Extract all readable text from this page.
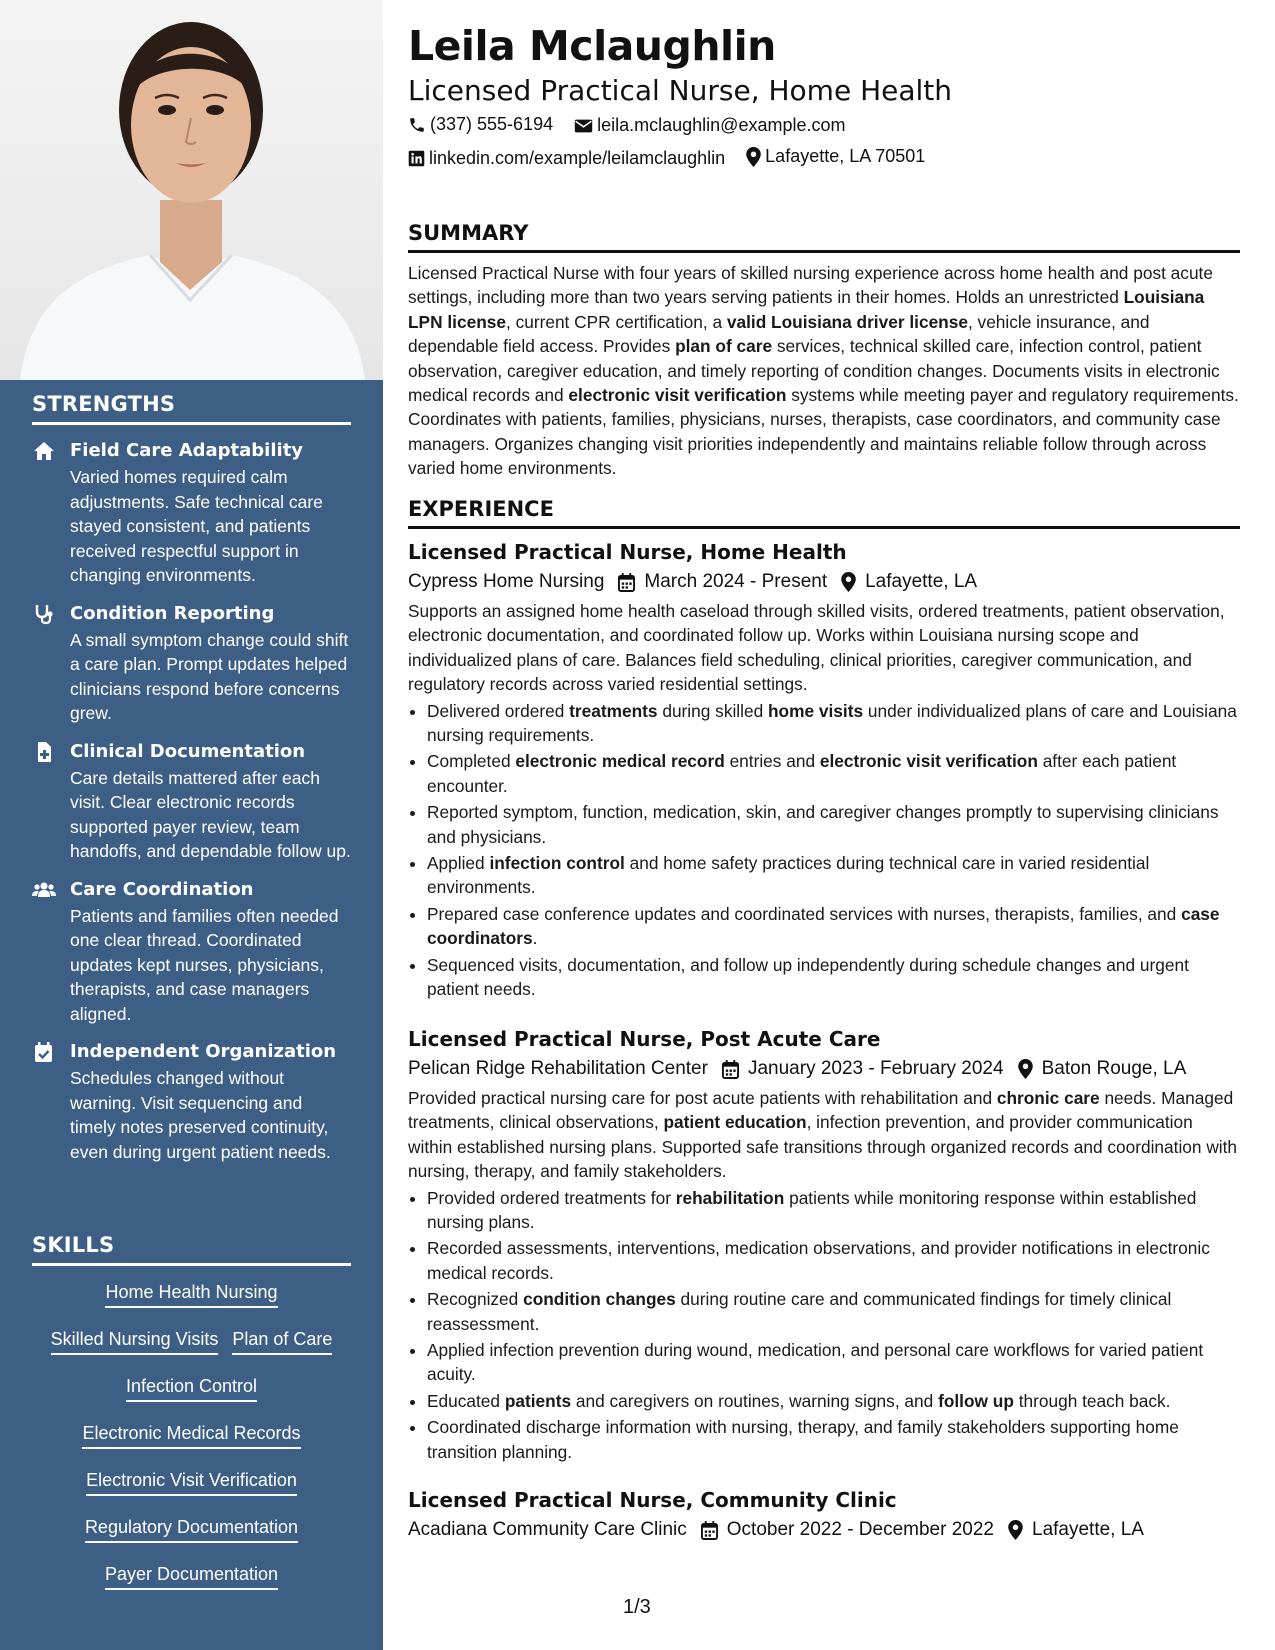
STRENGTHS
Field Care Adaptability
Varied homes required calm adjustments. Safe technical care stayed consistent, and patients received respectful support in changing environments.
Condition Reporting
A small symptom change could shift a care plan. Prompt updates helped clinicians respond before concerns grew.
Clinical Documentation
Care details mattered after each visit. Clear electronic records supported payer review, team handoffs, and dependable follow up.
Care Coordination
Patients and families often needed one clear thread. Coordinated updates kept nurses, physicians, therapists, and case managers aligned.
Independent Organization
Schedules changed without warning. Visit sequencing and timely notes preserved continuity, even during urgent patient needs.
SKILLS
Home Health Nursing
Skilled Nursing Visits Plan of Care
Infection Control
Electronic Medical Records
Electronic Visit Verification
Regulatory Documentation
Payer Documentation
Leila Mclaughlin
Licensed Practical Nurse, Home Health
(337) 555-6194
leila.mclaughlin@example.com
linkedin.com/example/leilamclaughlin
Lafayette, LA 70501
SUMMARY

Licensed Practical Nurse with four years of skilled nursing experience across home health and post acute settings, including more than two years serving patients in their homes. Holds an unrestricted Louisiana LPN license, current CPR certification, a valid Louisiana driver license, vehicle insurance, and dependable field access. Provides plan of care services, technical skilled care, infection control, patient observation, caregiver education, and timely reporting of condition changes. Documents visits in electronic medical records and electronic visit verification systems while meeting payer and regulatory requirements. Coordinates with patients, families, physicians, nurses, therapists, case coordinators, and community case managers. Organizes changing visit priorities independently and maintains reliable follow through across varied home environments.

EXPERIENCE
Licensed Practical Nurse, Home Health
Cypress Home Nursing March 2024 - Present Lafayette, LA

Supports an assigned home health caseload through skilled visits, ordered treatments, patient observation, electronic documentation, and coordinated follow up. Works within Louisiana nursing scope and individualized plans of care. Balances field scheduling, clinical priorities, caregiver communication, and regulatory records across varied residential settings.

• Delivered ordered treatments during skilled home visits under individualized plans of care and Louisiana nursing requirements.
• Completed electronic medical record entries and electronic visit verification after each patient encounter.
• Reported symptom, function, medication, skin, and caregiver changes promptly to supervising clinicians and physicians.
• Applied infection control and home safety practices during technical care in varied residential environments.
• Prepared case conference updates and coordinated services with nurses, therapists, families, and case coordinators.
• Sequenced visits, documentation, and follow up independently during schedule changes and urgent patient needs.
Licensed Practical Nurse, Post Acute Care
Pelican Ridge Rehabilitation Center January 2023 - February 2024 Baton Rouge, LA

Provided practical nursing care for post acute patients with rehabilitation and chronic care needs. Managed treatments, clinical observations, patient education, infection prevention, and provider communication within established nursing plans. Supported safe transitions through organized records and coordination with nursing, therapy, and family stakeholders.

• Provided ordered treatments for rehabilitation patients while monitoring response within established nursing plans.
• Recorded assessments, interventions, medication observations, and provider notifications in electronic medical records.
• Recognized condition changes during routine care and communicated findings for timely clinical reassessment.
• Applied infection prevention during wound, medication, and personal care workflows for varied patient acuity.
• Educated patients and caregivers on routines, warning signs, and follow up through teach back.
• Coordinated discharge information with nursing, therapy, and family stakeholders supporting home transition planning.
Licensed Practical Nurse, Community Clinic
Acadiana Community Care Clinic October 2022 - December 2022 Lafayette, LA
1/3
